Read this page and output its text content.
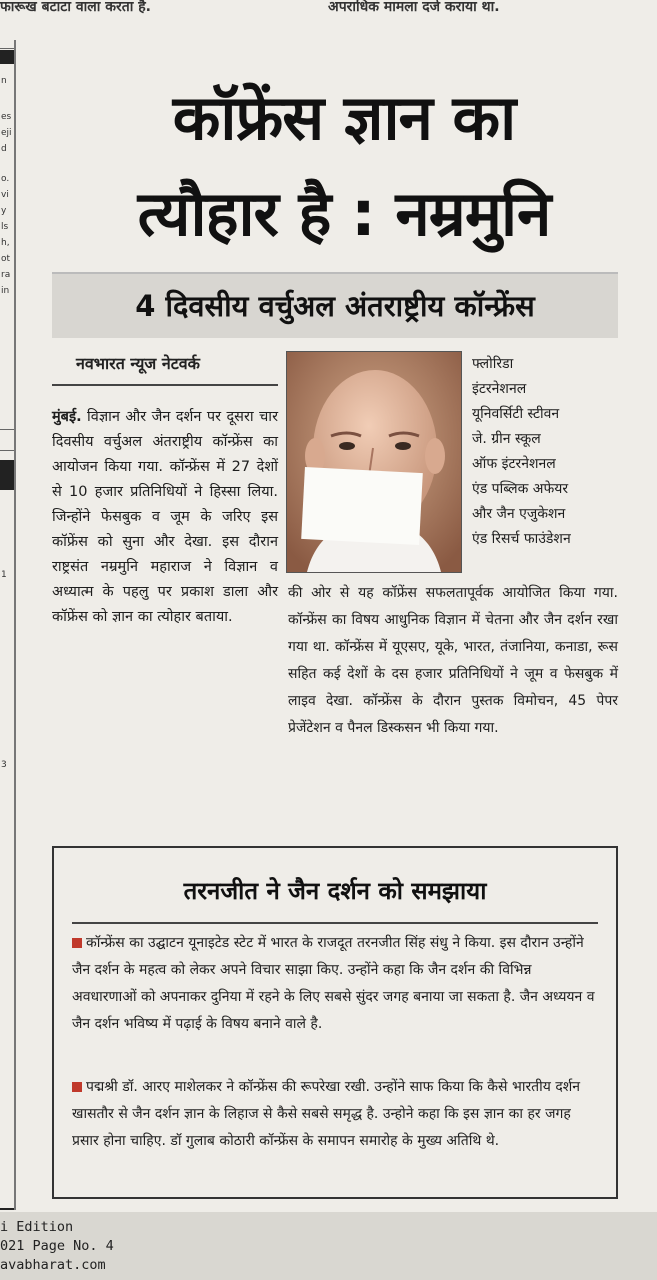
फारूख बटाटा वाला करता है.	अपराधिक मामला दर्ज कराया था.
n
es
eji
d
o.
vi
y
ls
h,
ot
ra
in
1
3
कॉफ्रेंस ज्ञान का
त्यौहार है : नम्रमुनि
4 दिवसीय वर्चुअल अंतराष्ट्रीय कॉन्फ्रेंस
नवभारत न्यूज नेटवर्क
मुंबई. विज्ञान और जैन दर्शन पर दूसरा चार दिवसीय वर्चुअल अंतराष्ट्रीय कॉन्फ्रेंस का आयोजन किया गया. कॉन्फ्रेंस में 27 देशों से 10 हजार प्रतिनिधियों ने हिस्सा लिया. जिन्होंने फेसबुक व जूम के जरिए इस कॉफ्रेंस को सुना और देखा. इस दौरान राष्ट्रसंत नम्रमुनि महाराज ने विज्ञान व अध्यात्म के पहलु पर प्रकाश डाला और कॉफ्रेंस को ज्ञान का त्योहार बताया.
फ्लोरिडा
इंटरनेशनल
यूनिवर्सिटी स्टीवन
जे. ग्रीन स्कूल
ऑफ इंटरनेशनल
एंड पब्लिक अफेयर
और जैन एजुकेशन
एंड रिसर्च फाउंडेशन
की ओर से यह कॉफ्रेंस सफलतापूर्वक आयोजित किया गया. कॉन्फ्रेंस का विषय आधुनिक विज्ञान में चेतना और जैन दर्शन रखा गया था. कॉन्फ्रेंस में यूएसए, यूके, भारत, तंजानिया, कनाडा, रूस सहित कई देशों के दस हजार प्रतिनिधियों ने जूम व फेसबुक में लाइव देखा. कॉन्फ्रेंस के दौरान पुस्तक विमोचन, 45 पेपर प्रेजेंटेशन व पैनल डिस्कसन भी किया गया.
तरनजीत ने जैन दर्शन को समझाया
कॉन्फ्रेंस का उद्घाटन यूनाइटेड स्टेट में भारत के राजदूत तरनजीत सिंह संधु ने किया. इस दौरान उन्होंने जैन दर्शन के महत्व को लेकर अपने विचार साझा किए. उन्होंने कहा कि जैन दर्शन की विभिन्न अवधारणाओं को अपनाकर दुनिया में रहने के लिए सबसे सुंदर जगह बनाया जा सकता है. जैन अध्ययन व जैन दर्शन भविष्य में पढ़ाई के विषय बनाने वाले है.
पद्मश्री डॉ. आरए माशेलकर ने कॉन्फ्रेंस की रूपरेखा रखी. उन्होंने साफ किया कि कैसे भारतीय दर्शन खासतौर से जैन दर्शन ज्ञान के लिहाज से कैसे सबसे समृद्ध है. उन्होने कहा कि इस ज्ञान का हर जगह प्रसार होना चाहिए. डॉ गुलाब कोठारी कॉन्फ्रेंस के समापन समारोह के मुख्य अतिथि थे.
i Edition
021 Page No. 4
avabharat.com
